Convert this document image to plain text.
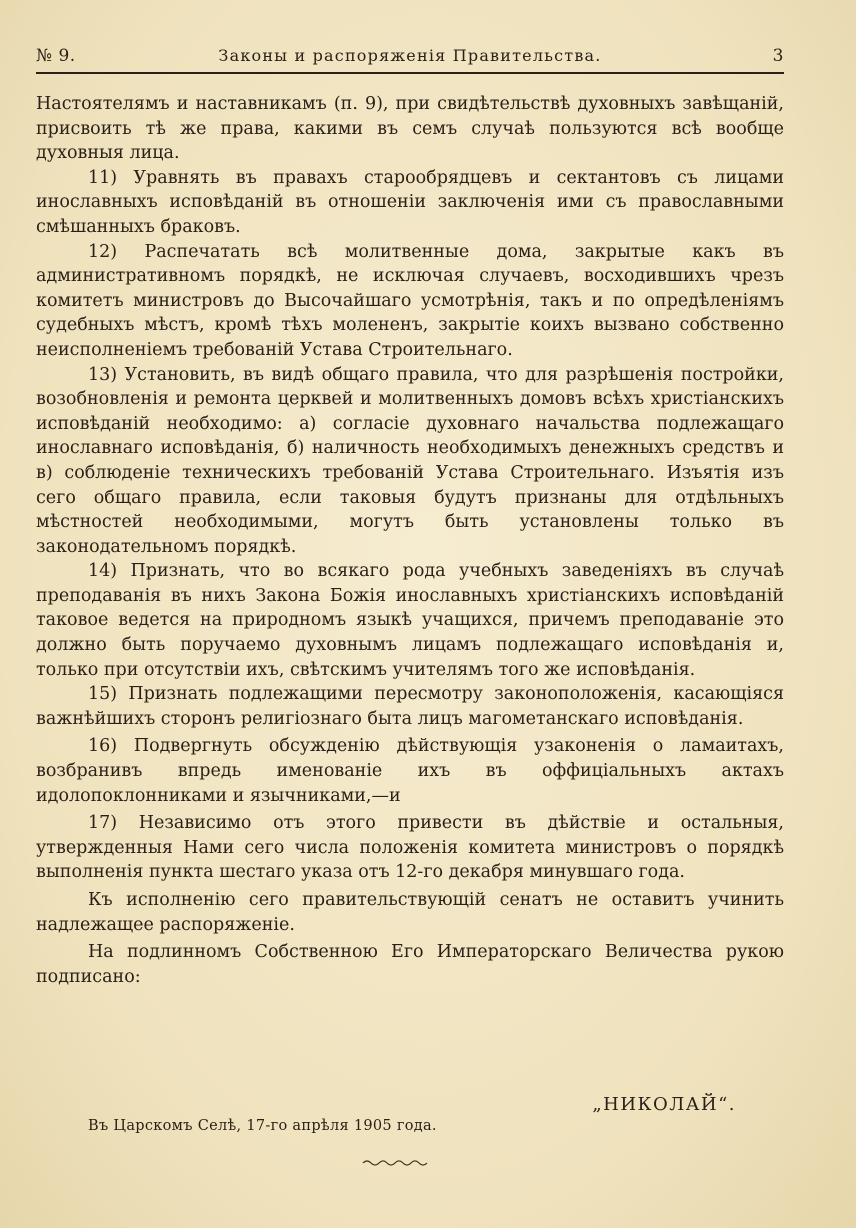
№ 9.	Законы и распоряженія Правительства.	3

Настоятелямъ и наставникамъ (п. 9), при свидѣтельствѣ духовныхъ завѣщаній, присвоить тѣ же права, какими въ семъ случаѣ пользуются всѣ вообще духовныя лица.

11) Уравнять въ правахъ старообрядцевъ и сектантовъ съ лицами инославныхъ исповѣданій въ отношеніи заключенія ими съ православными смѣшанныхъ браковъ.

12) Распечатать всѣ молитвенные дома, закрытые какъ въ административномъ порядкѣ, не исключая случаевъ, восходившихъ чрезъ комитетъ министровъ до Высочайшаго усмотрѣнія, такъ и по опредѣленіямъ судебныхъ мѣстъ, кромѣ тѣхъ моленeнъ, закрытіе коихъ вызвано собственно неисполненіемъ требованій Устава Строительнаго.

13) Установить, въ видѣ общаго правила, что для разрѣшенія постройки, возобновленія и ремонта церквей и молитвенныхъ домовъ всѣхъ христіанскихъ исповѣданій необходимо: а) согласіе духовнаго начальства подлежащаго инославнаго исповѣданія, б) наличность необходимыхъ денежныхъ средствъ и в) соблюденіе техническихъ требованій Устава Строительнаго. Изъятія изъ сего общаго правила, если таковыя будутъ признаны для отдѣльныхъ мѣстностей необходимыми, могутъ быть установлены только въ законодательномъ порядкѣ.

14) Признать, что во всякаго рода учебныхъ заведеніяхъ въ случаѣ преподаванія въ нихъ Закона Божія инославныхъ христіанскихъ исповѣданій таковое ведется на природномъ языкѣ учащихся, причемъ преподаваніе это должно быть поручаемо духовнымъ лицамъ подлежащаго исповѣданія и, только при отсутствіи ихъ, свѣтскимъ учителямъ того же исповѣданія.

15) Признать подлежащими пересмотру законоположенія, касающіяся важнѣйшихъ сторонъ религіознаго быта лицъ магометанскаго исповѣданія.

16) Подвергнуть обсужденію дѣйствующія узаконенія о ламаитахъ, возбранивъ впредь именованіе ихъ въ оффиціальныхъ актахъ идолопоклонниками и язычниками,—и

17) Независимо отъ этого привести въ дѣйствіе и остальныя, утвержденныя Нами сего числа положенія комитета министровъ о порядкѣ выполненія пункта шестаго указа отъ 12-го декабря минувшаго года.

Къ исполненію сего правительствующій сенатъ не оставитъ учинить надлежащее распоряженіе.

На подлинномъ Собственною Его Императорскаго Величества рукою подписано:

„НИКОЛАЙ“.
Въ Царскомъ Селѣ, 17-го апрѣля 1905 года.
